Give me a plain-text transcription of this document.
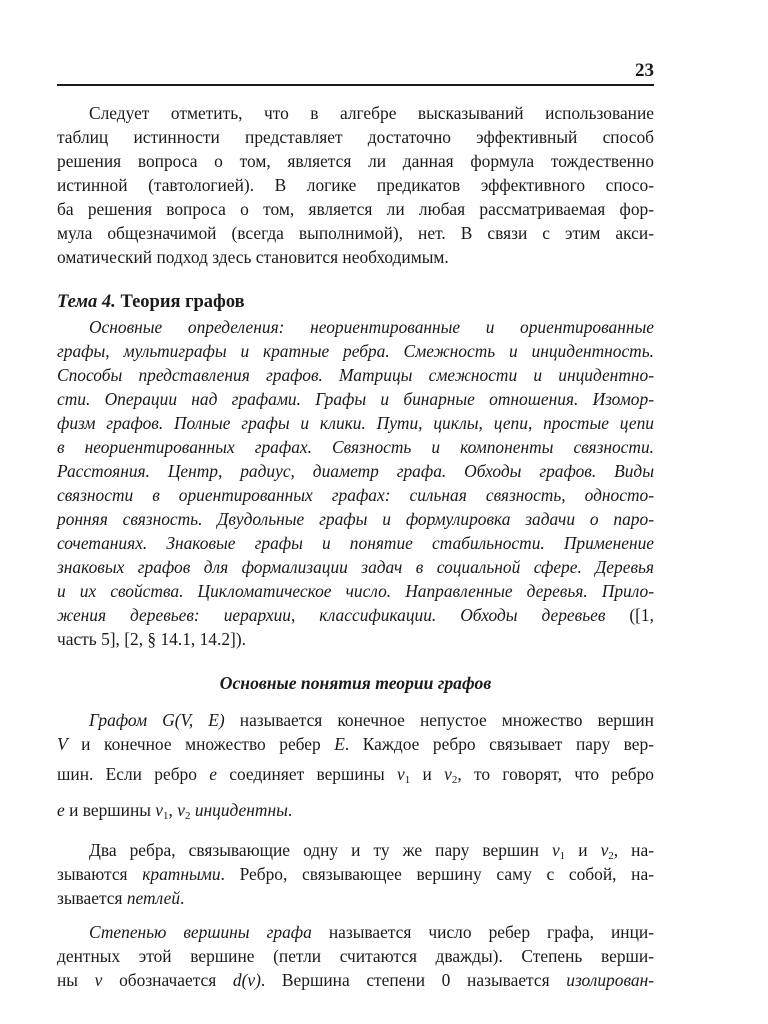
23
Следует отметить, что в алгебре высказываний использование
таблиц истинности представляет достаточно эффективный способ
решения вопроса о том, является ли данная формула тождественно
истинной (тавтологией). В логике предикатов эффективного спосо-
ба решения вопроса о том, является ли любая рассматриваемая фор-
мула общезначимой (всегда выполнимой), нет. В связи с этим акси-
оматический подход здесь становится необходимым.
Тема 4. Теория графов
Основные определения: неориентированные и ориентированные
графы, мультиграфы и кратные ребра. Смежность и инцидентность.
Способы представления графов. Матрицы смежности и инцидентно-
сти. Операции над графами. Графы и бинарные отношения. Изомор-
физм графов. Полные графы и клики. Пути, циклы, цепи, простые цепи
в неориентированных графах. Связность и компоненты связности.
Расстояния. Центр, радиус, диаметр графа. Обходы графов. Виды
связности в ориентированных графах: сильная связность, односто-
ронняя связность. Двудольные графы и формулировка задачи о паро-
сочетаниях. Знаковые графы и понятие стабильности. Применение
знаковых графов для формализации задач в социальной сфере. Деревья
и их свойства. Цикломатическое число. Направленные деревья. Прило-
жения деревьев: иерархии, классификации. Обходы деревьев ([1,
часть 5], [2, § 14.1, 14.2]).
Основные понятия теории графов
Графом G(V, E) называется конечное непустое множество вершин
V и конечное множество ребер E. Каждое ребро связывает пару вер-
шин. Если ребро e соединяет вершины $\nu_1$ и $\nu_2$, то говорят, что ребро
e и вершины $\nu_1$, $\nu_2$ инцидентны.
Два ребра, связывающие одну и ту же пару вершин $\nu_1$ и $\nu_2$, на-
зываются кратными. Ребро, связывающее вершину саму с собой, на-
зывается петлей.
Степенью вершины графа называется число ребер графа, инци-
дентных этой вершине (петли считаются дважды). Степень верши-
ны ν обозначается d(ν). Вершина степени 0 называется изолирован-
